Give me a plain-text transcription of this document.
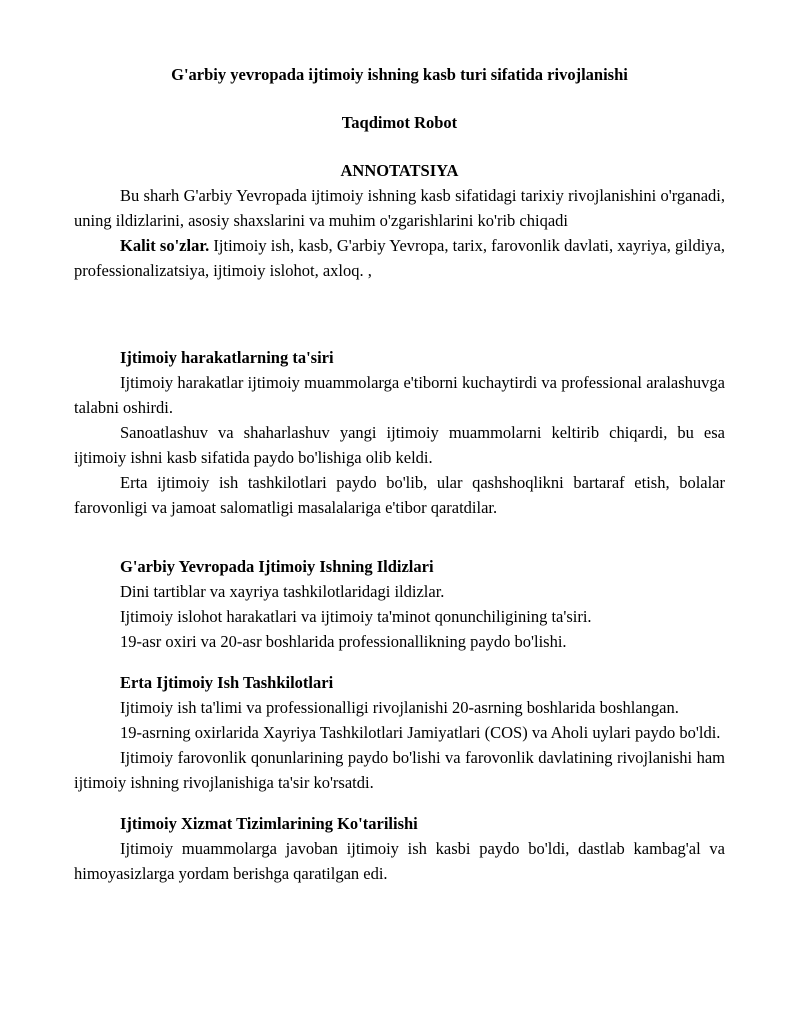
G'arbiy yevropada ijtimoiy ishning kasb turi sifatida rivojlanishi

Taqdimot Robot

ANNOTATSIYA

Bu sharh G'arbiy Yevropada ijtimoiy ishning kasb sifatidagi tarixiy rivojlanishini o'rganadi, uning ildizlarini, asosiy shaxslarini va muhim o'zgarishlarini ko'rib chiqadi

Kalit so'zlar. Ijtimoiy ish, kasb, G'arbiy Yevropa, tarix, farovonlik davlati, xayriya, gildiya, professionalizatsiya, ijtimoiy islohot, axloq. ,

Ijtimoiy harakatlarning ta'siri

Ijtimoiy harakatlar ijtimoiy muammolarga e'tiborni kuchaytirdi va professional aralashuvga talabni oshirdi.

Sanoatlashuv va shaharlashuv yangi ijtimoiy muammolarni keltirib chiqardi, bu esa ijtimoiy ishni kasb sifatida paydo bo'lishiga olib keldi.

Erta ijtimoiy ish tashkilotlari paydo bo'lib, ular qashshoqlikni bartaraf etish, bolalar farovonligi va jamoat salomatligi masalalariga e'tibor qaratdilar.

G'arbiy Yevropada Ijtimoiy Ishning Ildizlari

Dini tartiblar va xayriya tashkilotlaridagi ildizlar.

Ijtimoiy islohot harakatlari va ijtimoiy ta'minot qonunchiligining ta'siri.

19-asr oxiri va 20-asr boshlarida professionallikning paydo bo'lishi.

Erta Ijtimoiy Ish Tashkilotlari

Ijtimoiy ish ta'limi va professionalligi rivojlanishi 20-asrning boshlarida boshlangan.

19-asrning oxirlarida Xayriya Tashkilotlari Jamiyatlari (COS) va Aholi uylari paydo bo'ldi.

Ijtimoiy farovonlik qonunlarining paydo bo'lishi va farovonlik davlatining rivojlanishi ham ijtimoiy ishning rivojlanishiga ta'sir ko'rsatdi.

Ijtimoiy Xizmat Tizimlarining Ko'tarilishi

Ijtimoiy muammolarga javoban ijtimoiy ish kasbi paydo bo'ldi, dastlab kambag'al va himoyasizlarga yordam berishga qaratilgan edi.
